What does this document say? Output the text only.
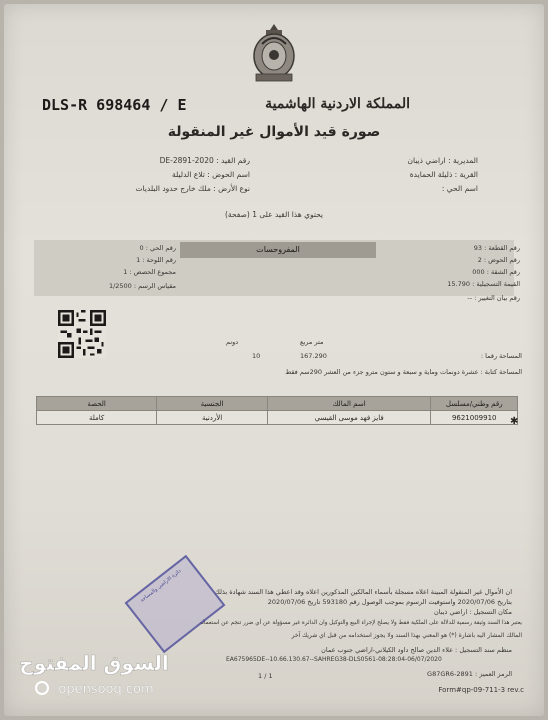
DLS-R 698464 / E	المملكة الاردنية الهاشمية
صورة قيد الأموال غير المنقولة
المديرية : اراضي ذيبان
القرية : ذليلة الحمايدة
اسم الحي :
رقم القيد : 2020-DE-2891
اسم الحوض : تلاع الدليلة
نوع الأرض : ملك خارج حدود البلديات
يحتوي هذا القيد على 1 (صفحة)
المفروحسات	رقم القطعة : 93
رقم الحوض : 2
رقم الشقة : 000
القيمة التسجيلية : 15.790
رقم بيان التغيير : --
رقم الحي : 0
رقم اللوحة : 1
مجموع الحصص : 1
مقياس الرسم : 1/2500
دونم	متر مربع
10	167.290	المساحة رقما :
المساحة كتابة : عشرة دونمات وماية و سبعة و ستون مترو جزء من العشر 290سم فقط
رقم وطني/مسلسل	اسم المالك	الجنسية	الحصة
9621009910	فايز فهد موسى القيسي	الأردنية	كاملة	✱
ان الأموال غير المنقولة المبينة اعلاه مسجلة بأسماء المالكين المذكورين اعلاه وقد اعطي هذا السند شهادة بذلك
بتاريخ 2020/07/06 واستوفيت الرسوم بموجب الوصول رقم 593180 تاريخ 2020/07/06
مكان التسجيل : اراضي ذيبان
يعتبر هذا السند وثيقة رسمية للدلالة على الملكية فقط ولا يصلح لإجراء البيع والتوكيل وان الدائرة غير مسؤولة عن أي ضرر تنجم عن استعماله
المالك المشار اليه باشارة (*) هو المعني بهذا السند ولا يجوز استخدامه من قبل اي شريك آخر
منظم سند التسجيل : علاء الدين صالح داود الكيلاني-اراضي جنوب عمان
EA675965DE--10.66.130.67--SAHREG38-DLS0561-08:28:04-06/07/2020
1 / 1	الرمز العميز : 2891-G87GR6
Form#qp-09-711-3 rev.c
دائرة الاراضي والمساحة
السوق المفتوح
opensooq.com
